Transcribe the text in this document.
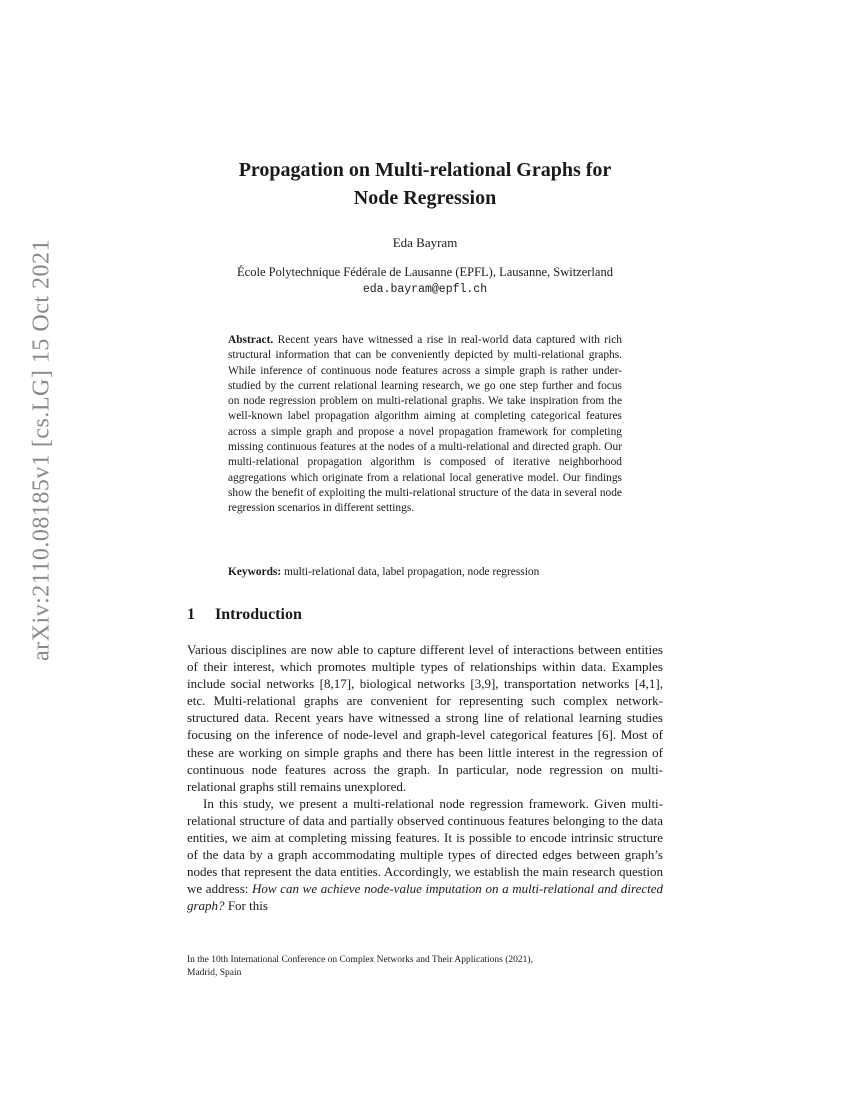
arXiv:2110.08185v1 [cs.LG] 15 Oct 2021
Propagation on Multi-relational Graphs for
Node Regression
Eda Bayram
École Polytechnique Fédérale de Lausanne (EPFL), Lausanne, Switzerland
eda.bayram@epfl.ch
Abstract. Recent years have witnessed a rise in real-world data captured with rich structural information that can be conveniently depicted by multi-relational graphs. While inference of continuous node features across a simple graph is rather under-studied by the current relational learning research, we go one step further and focus on node regression problem on multi-relational graphs. We take inspiration from the well-known label propagation algorithm aiming at completing categorical features across a simple graph and propose a novel propagation framework for completing missing continuous features at the nodes of a multi-relational and directed graph. Our multi-relational propagation algorithm is composed of iterative neighborhood aggregations which originate from a relational local generative model. Our findings show the benefit of exploiting the multi-relational structure of the data in several node regression scenarios in different settings.
Keywords: multi-relational data, label propagation, node regression
1 Introduction

Various disciplines are now able to capture different level of interactions between entities of their interest, which promotes multiple types of relationships within data. Examples include social networks [8,17], biological networks [3,9], transportation networks [4,1], etc. Multi-relational graphs are convenient for representing such complex network-structured data. Recent years have witnessed a strong line of relational learning studies focusing on the inference of node-level and graph-level categorical features [6]. Most of these are working on simple graphs and there has been little interest in the regression of continuous node features across the graph. In particular, node regression on multi-relational graphs still remains unexplored.

In this study, we present a multi-relational node regression framework. Given multi-relational structure of data and partially observed continuous features belonging to the data entities, we aim at completing missing features. It is possible to encode intrinsic structure of the data by a graph accommodating multiple types of directed edges between graph’s nodes that represent the data entities. Accordingly, we establish the main research question we address: How can we achieve node-value imputation on a multi-relational and directed graph? For this

In the 10th International Conference on Complex Networks and Their Applications (2021),
Madrid, Spain
